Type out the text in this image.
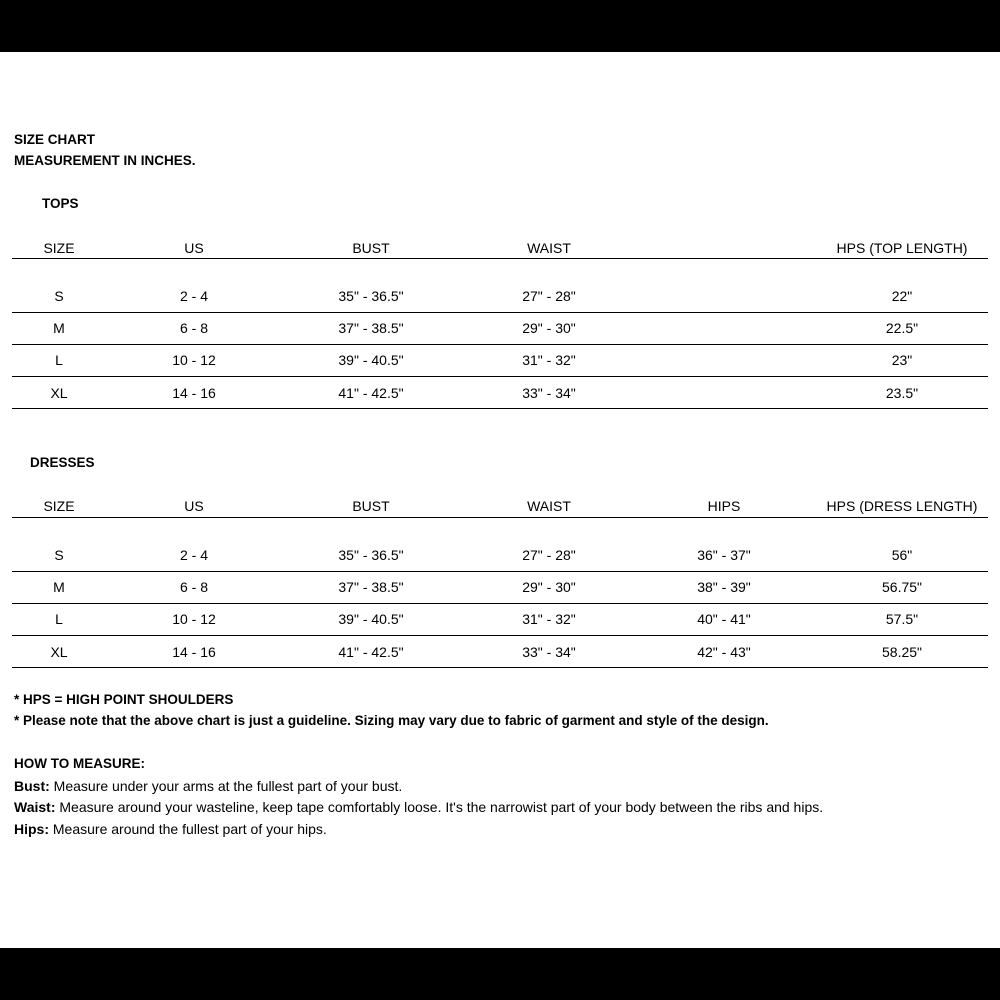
SIZE CHART
MEASUREMENT IN INCHES.
TOPS
SIZE	US	BUST	WAIST	HPS (TOP LENGTH)
S	2 - 4	35" - 36.5"	27" - 28"	22"
M	6 - 8	37" - 38.5"	29" - 30"	22.5"
L	10 - 12	39" - 40.5"	31" - 32"	23"
XL	14 - 16	41" - 42.5"	33" - 34"	23.5"
DRESSES
SIZE	US	BUST	WAIST	HIPS	HPS (DRESS LENGTH)
S	2 - 4	35" - 36.5"	27" - 28"	36" - 37"	56"
M	6 - 8	37" - 38.5"	29" - 30"	38" - 39"	56.75"
L	10 - 12	39" - 40.5"	31" - 32"	40" - 41"	57.5"
XL	14 - 16	41" - 42.5"	33" - 34"	42" - 43"	58.25"
* HPS = HIGH POINT SHOULDERS
* Please note that the above chart is just a guideline. Sizing may vary due to fabric of garment and style of the design.
HOW TO MEASURE:
Bust: Measure under your arms at the fullest part of your bust.
Waist: Measure around your wasteline, keep tape comfortably loose. It's the narrowist part of your body between the ribs and hips.
Hips: Measure around the fullest part of your hips.
